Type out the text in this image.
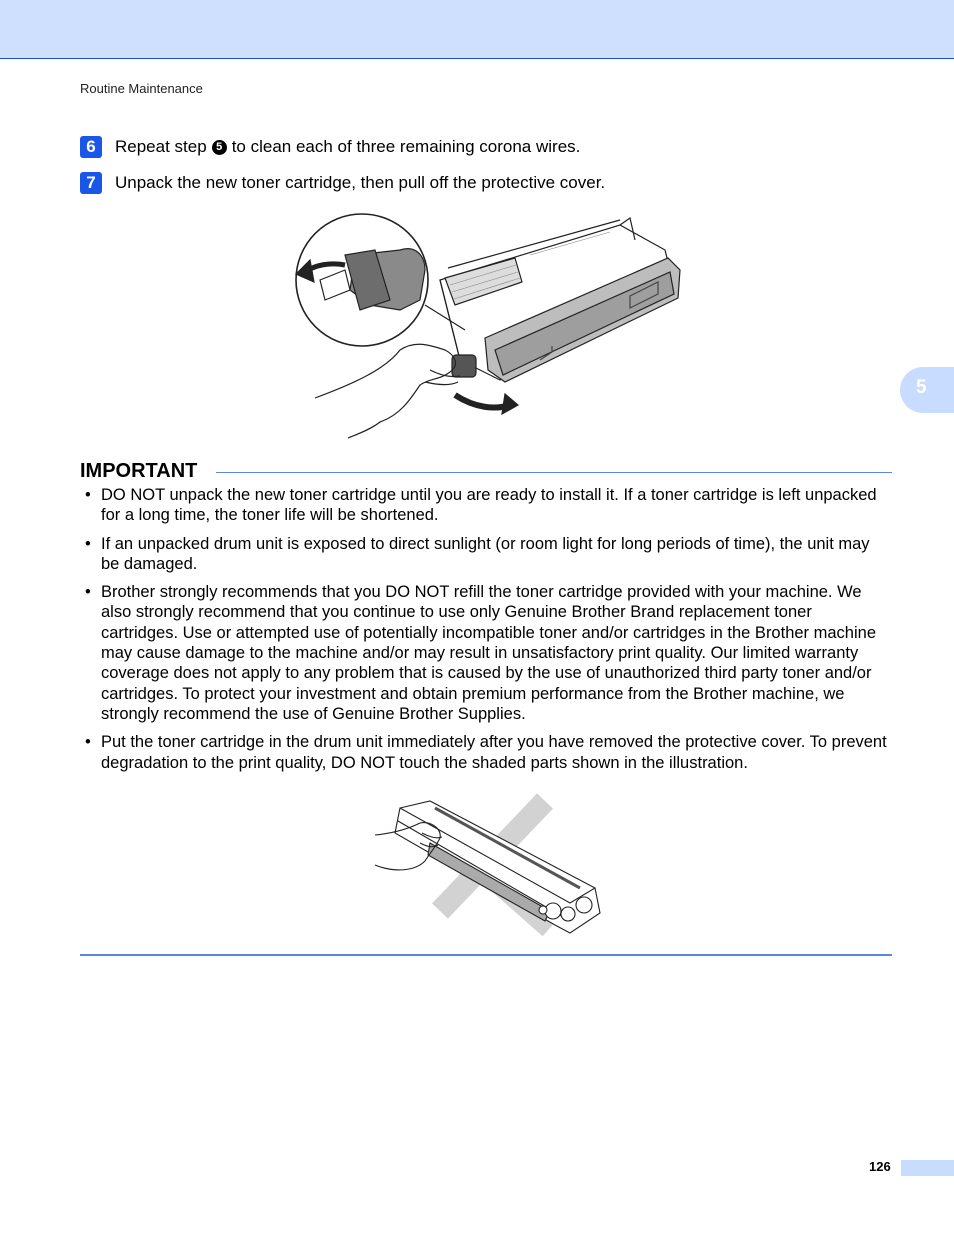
Routine Maintenance
5
6	Repeat step 5 to clean each of three remaining corona wires.
7	Unpack the new toner cartridge, then pull off the protective cover.
IMPORTANT
• DO NOT unpack the new toner cartridge until you are ready to install it. If a toner cartridge is left unpacked for a long time, the toner life will be shortened.
• If an unpacked drum unit is exposed to direct sunlight (or room light for long periods of time), the unit may be damaged.
• Brother strongly recommends that you DO NOT refill the toner cartridge provided with your machine. We also strongly recommend that you continue to use only Genuine Brother Brand replacement toner cartridges. Use or attempted use of potentially incompatible toner and/or cartridges in the Brother machine may cause damage to the machine and/or may result in unsatisfactory print quality. Our limited warranty coverage does not apply to any problem that is caused by the use of unauthorized third party toner and/or cartridges. To protect your investment and obtain premium performance from the Brother machine, we strongly recommend the use of Genuine Brother Supplies.
• Put the toner cartridge in the drum unit immediately after you have removed the protective cover. To prevent degradation to the print quality, DO NOT touch the shaded parts shown in the illustration.
126
